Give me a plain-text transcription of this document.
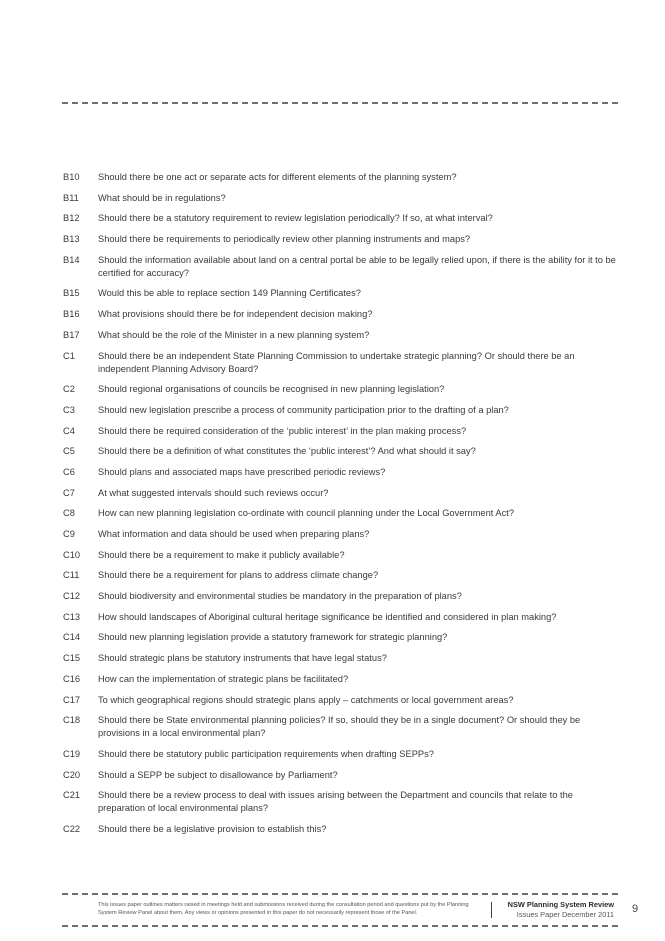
B10	Should there be one act or separate acts for different elements of the planning system?
B11	What should be in regulations?
B12	Should there be a statutory requirement to review legislation periodically? If so, at what interval?
B13	Should there be requirements to periodically review other planning instruments and maps?
B14	Should the information available about land on a central portal be able to be legally relied upon, if there is the ability for it to be certified for accuracy?
B15	Would this be able to replace section 149 Planning Certificates?
B16	What provisions should there be for independent decision making?
B17	What should be the role of the Minister in a new planning system?
C1	Should there be an independent State Planning Commission to undertake strategic planning? Or should there be an independent Planning Advisory Board?
C2	Should regional organisations of councils be recognised in new planning legislation?
C3	Should new legislation prescribe a process of community participation prior to the drafting of a plan?
C4	Should there be required consideration of the ‘public interest’ in the plan making process?
C5	Should there be a definition of what constitutes the ‘public interest’? And what should it say?
C6	Should plans and associated maps have prescribed periodic reviews?
C7	At what suggested intervals should such reviews occur?
C8	How can new planning legislation co-ordinate with council planning under the Local Government Act?
C9	What information and data should be used when preparing plans?
C10	Should there be a requirement to make it publicly available?
C11	Should there be a requirement for plans to address climate change?
C12	Should biodiversity and environmental studies be mandatory in the preparation of plans?
C13	How should landscapes of Aboriginal cultural heritage significance be identified and considered in plan making?
C14	Should new planning legislation provide a statutory framework for strategic planning?
C15	Should strategic plans be statutory instruments that have legal status?
C16	How can the implementation of strategic plans be facilitated?
C17	To which geographical regions should strategic plans apply – catchments or local government areas?
C18	Should there be State environmental planning policies? If so, should they be in a single document? Or should they be provisions in a local environmental plan?
C19	Should there be statutory public participation requirements when drafting SEPPs?
C20	Should a SEPP be subject to disallowance by Parliament?
C21	Should there be a review process to deal with issues arising between the Department and councils that relate to the preparation of local environmental plans?
C22	Should there be a legislative provision to establish this?
This issues paper outlines matters raised in meetings held and submissions received during the consultation period and questions put by the Planning System Review Panel about them. Any views or opinions presented in this paper do not necessarily represent those of the Panel.
NSW Planning System Review
Issues Paper December 2011 9
